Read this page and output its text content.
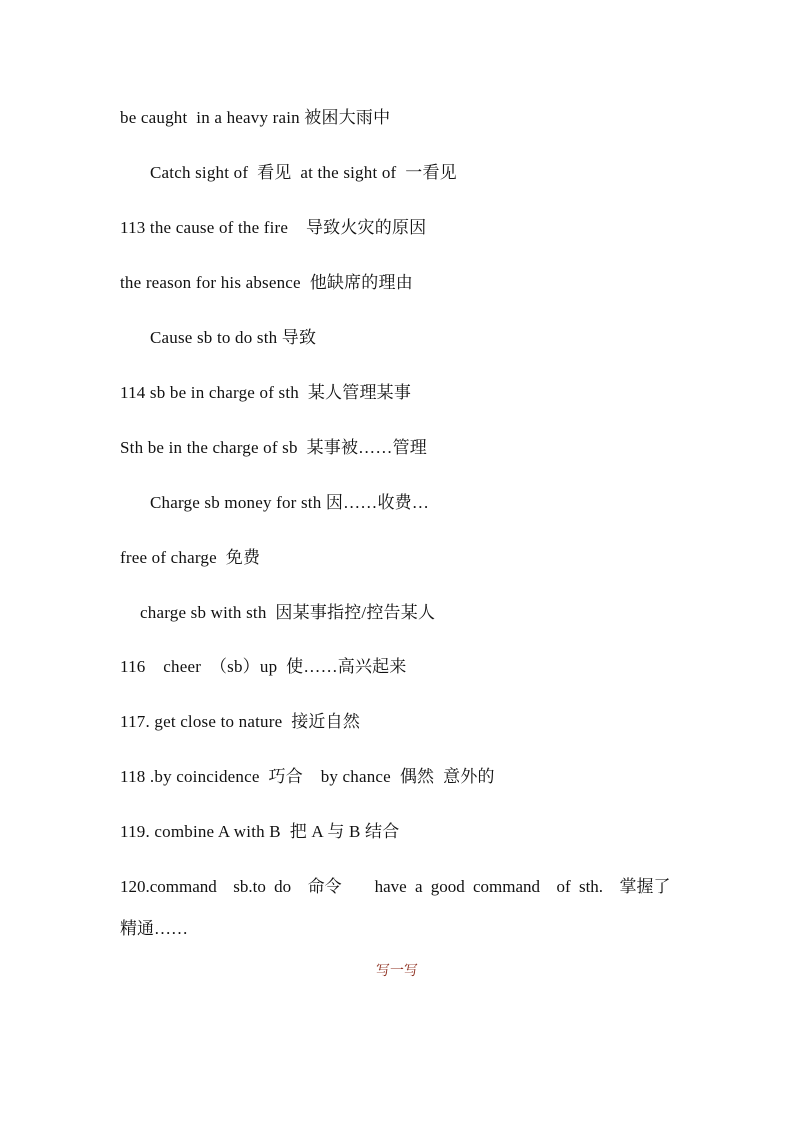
be caught  in a heavy rain 被困大雨中
Catch sight of  看见  at the sight of  一看见
113 the cause of the fire    导致火灾的原因
the reason for his absence  他缺席的理由
Cause sb to do sth 导致
114 sb be in charge of sth  某人管理某事
Sth be in the charge of sb  某事被……管理
Charge sb money for sth 因……收费…
free of charge  免费
charge sb with sth  因某事指控/控告某人
116    cheer  （sb）up  使……高兴起来
117. get close to nature  接近自然
118 .by coincidence  巧合    by chance  偶然  意外的
119. combine A with B  把 A 与 B 结合
120.command  sb.to do  命令    have a good command  of sth.  掌握了  精通……
写一写
